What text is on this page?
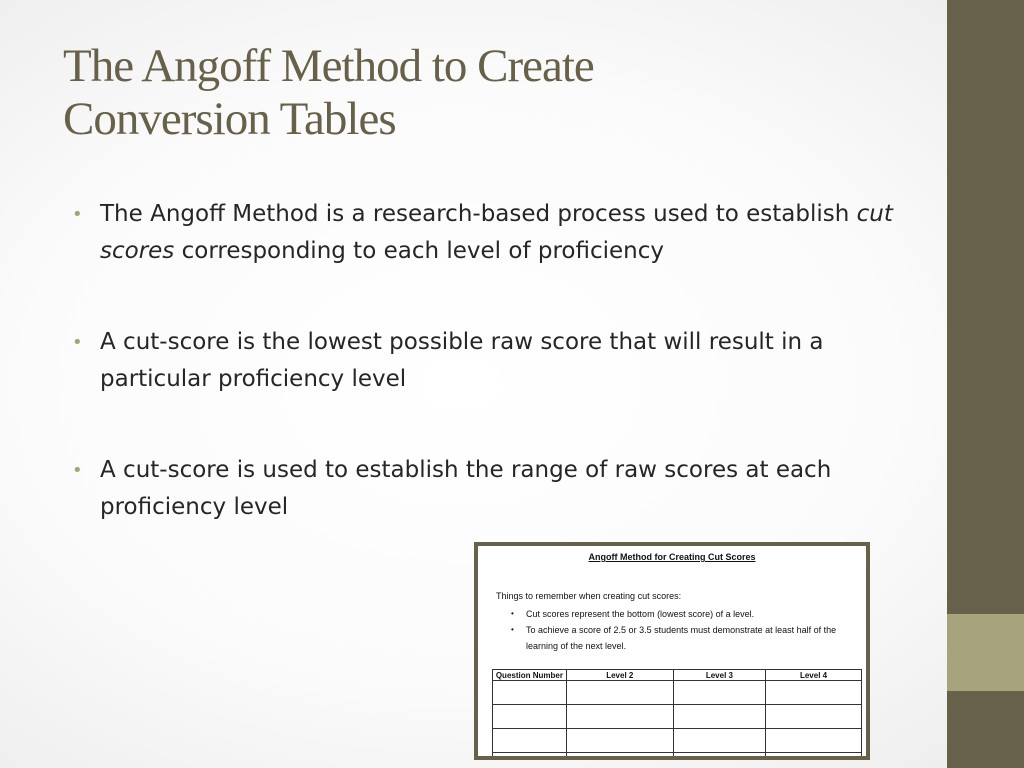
The Angoff Method to Create
Conversion Tables
• The Angoff Method is a research-based process used to establish cut scores corresponding to each level of proficiency
• A cut-score is the lowest possible raw score that will result in a particular proficiency level
• A cut-score is used to establish the range of raw scores at each proficiency level
Angoff Method for Creating Cut Scores
Things to remember when creating cut scores:
• Cut scores represent the bottom (lowest score) of a level.
• To achieve a score of 2.5 or 3.5 students must demonstrate at least half of the learning of the next level.
Question Number	Level 2	Level 3	Level 4
